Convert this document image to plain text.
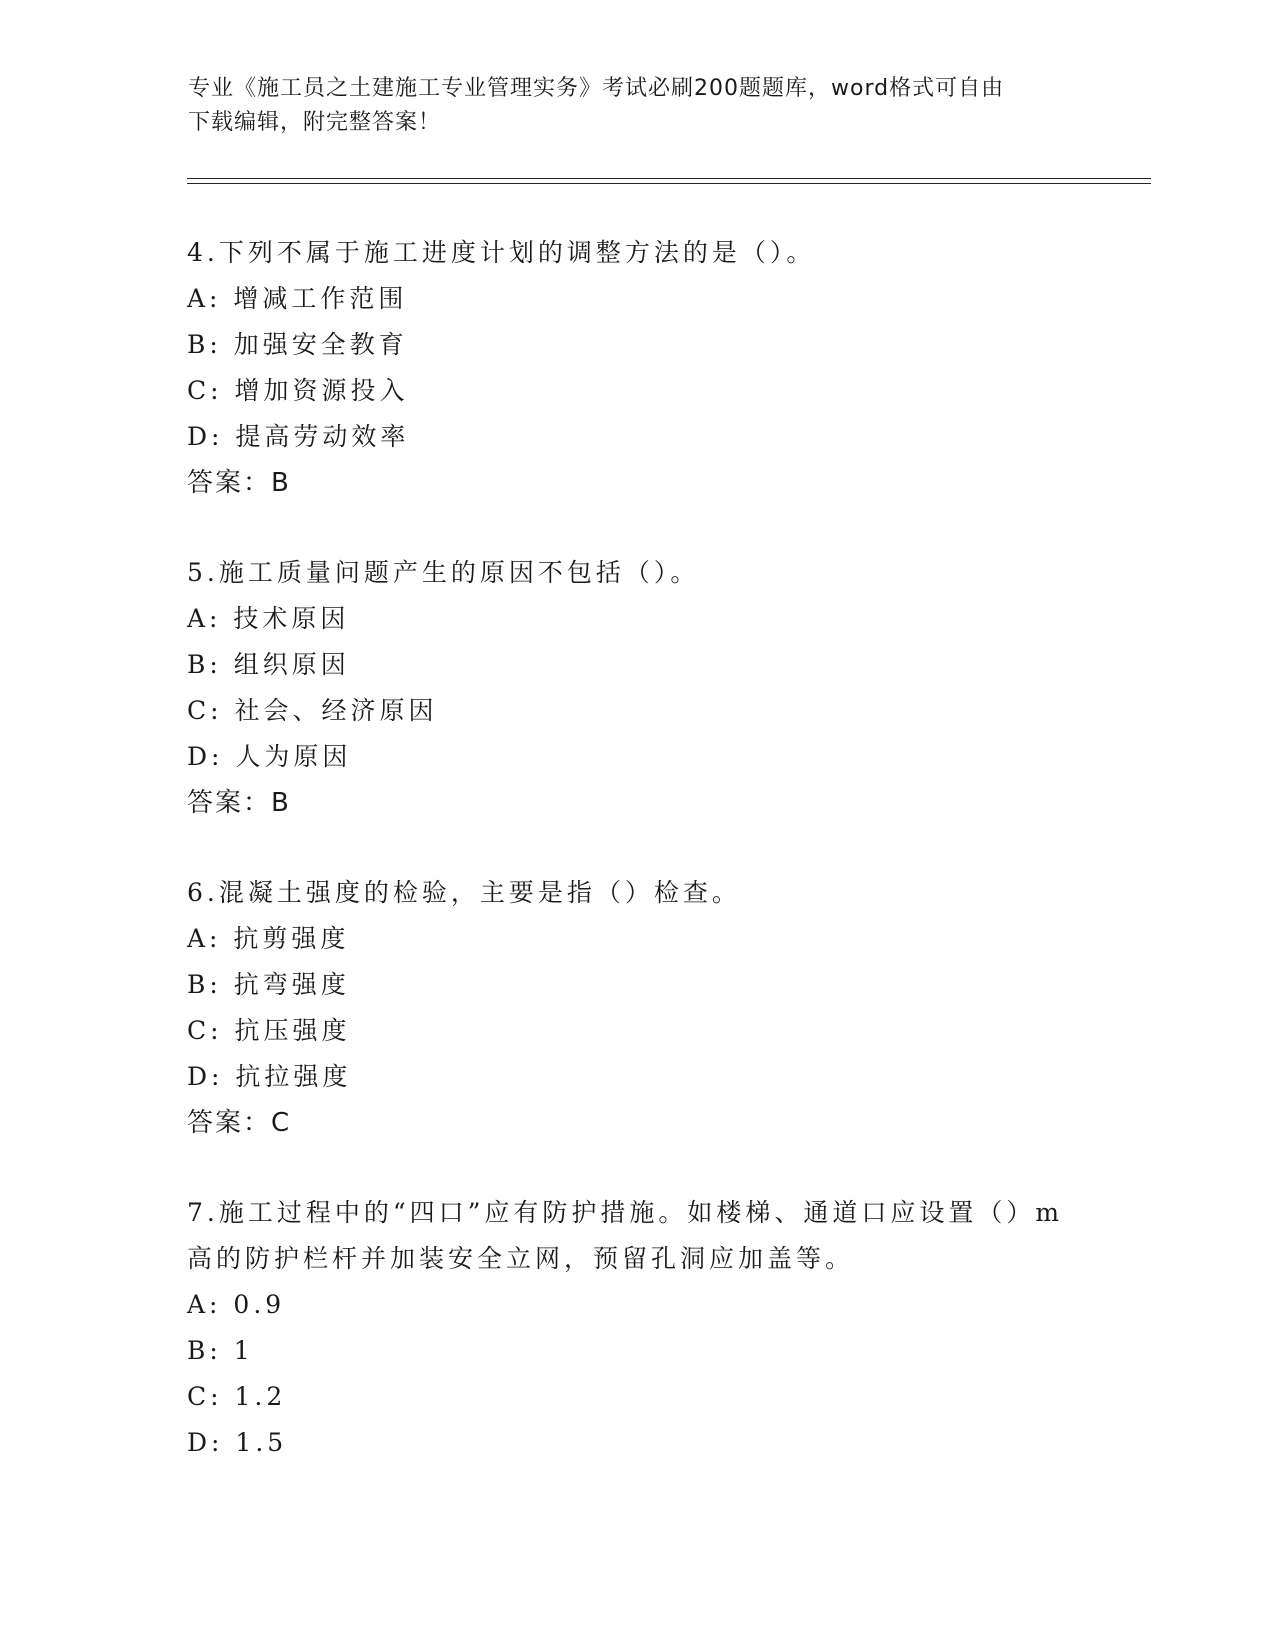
专业《施工员之土建施工专业管理实务》考试必刷200题题库，word格式可自由
下载编辑，附完整答案！
4.下列不属于施工进度计划的调整方法的是（）。
A: 增减工作范围
B: 加强安全教育
C: 增加资源投入
D: 提高劳动效率
答案：B
5.施工质量问题产生的原因不包括（）。
A: 技术原因
B: 组织原因
C: 社会、经济原因
D: 人为原因
答案：B
6.混凝土强度的检验，主要是指（）检查。
A: 抗剪强度
B: 抗弯强度
C: 抗压强度
D: 抗拉强度
答案：C
7.施工过程中的“四口”应有防护措施。如楼梯、通道口应设置（）m
高的防护栏杆并加装安全立网，预留孔洞应加盖等。
A: 0.9
B: 1
C: 1.2
D: 1.5
